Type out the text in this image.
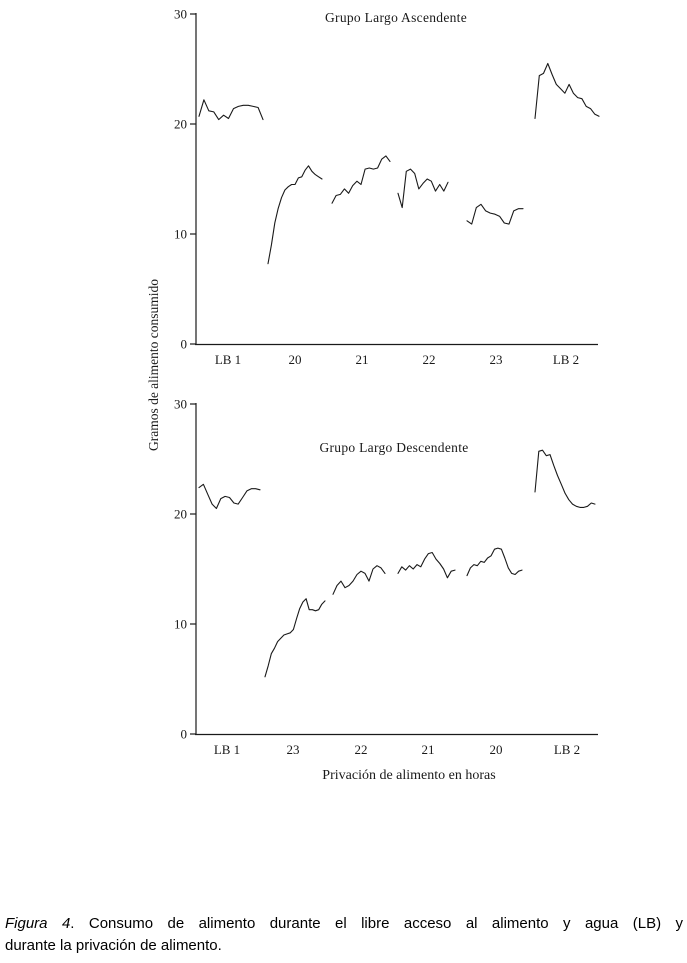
0
10
20
30
LB 1	20	21	22	23	LB 2
Grupo Largo Ascendente
0
10
20
30
LB 1	23	22	21	20	LB 2
Grupo Largo Descendente
Gramos de alimento consumido
Privación de alimento en horas
Figura 4. Consumo de alimento durante el libre acceso al alimento y agua (LB) y
durante la privación de alimento.
